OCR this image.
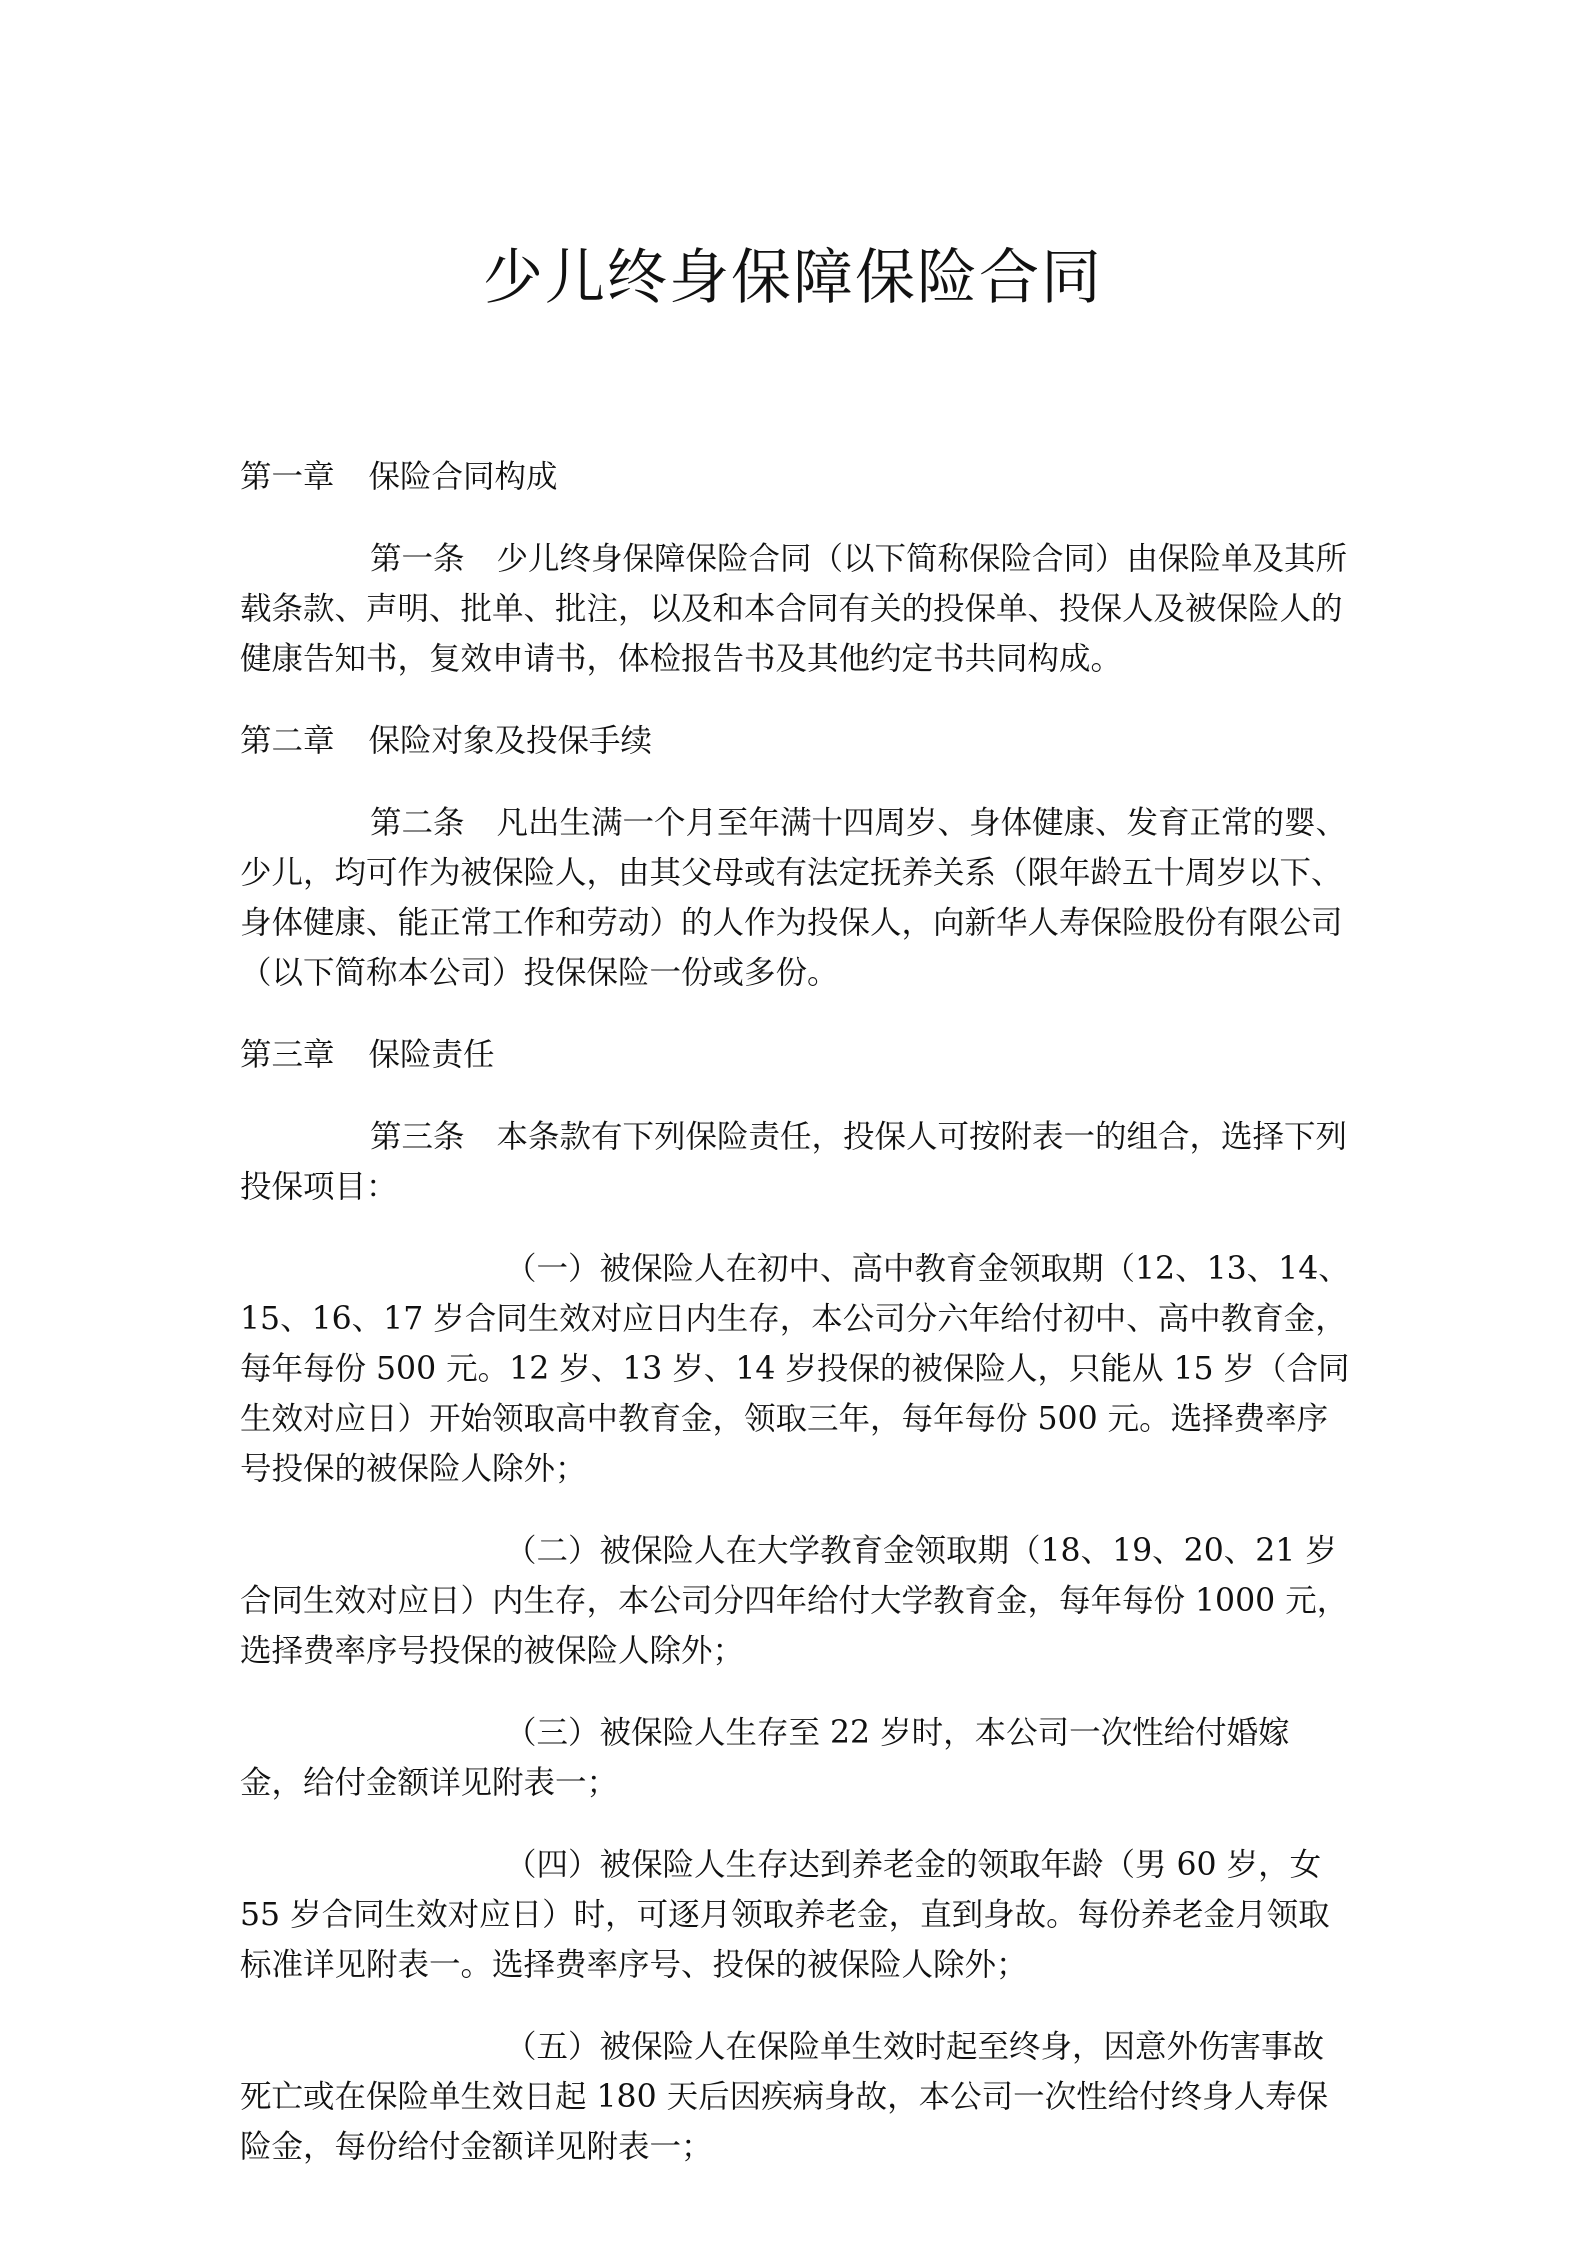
少儿终身保障保险合同
第一章 保险合同构成
第一条 少儿终身保障保险合同（以下简称保险合同）由保险单及其所载条款、声明、批单、批注，以及和本合同有关的投保单、投保人及被保险人的健康告知书，复效申请书，体检报告书及其他约定书共同构成。
第二章 保险对象及投保手续
第二条 凡出生满一个月至年满十四周岁、身体健康、发育正常的婴、少儿，均可作为被保险人，由其父母或有法定抚养关系（限年龄五十周岁以下、身体健康、能正常工作和劳动）的人作为投保人，向新华人寿保险股份有限公司（以下简称本公司）投保保险一份或多份。
第三章 保险责任
第三条 本条款有下列保险责任，投保人可按附表一的组合，选择下列投保项目：
（一）被保险人在初中、高中教育金领取期（12、13、14、15、16、17 岁合同生效对应日内生存，本公司分六年给付初中、高中教育金，每年每份 500 元。12 岁、13 岁、14 岁投保的被保险人，只能从 15 岁（合同生效对应日）开始领取高中教育金，领取三年，每年每份 500 元。选择费率序号投保的被保险人除外；
（二）被保险人在大学教育金领取期（18、19、20、21 岁合同生效对应日）内生存，本公司分四年给付大学教育金，每年每份 1000 元，选择费率序号投保的被保险人除外；
（三）被保险人生存至 22 岁时，本公司一次性给付婚嫁金，给付金额详见附表一；
（四）被保险人生存达到养老金的领取年龄（男 60 岁，女 55 岁合同生效对应日）时，可逐月领取养老金，直到身故。每份养老金月领取标准详见附表一。选择费率序号、投保的被保险人除外；
（五）被保险人在保险单生效时起至终身，因意外伤害事故死亡或在保险单生效日起 180 天后因疾病身故，本公司一次性给付终身人寿保险金，每份给付金额详见附表一；
